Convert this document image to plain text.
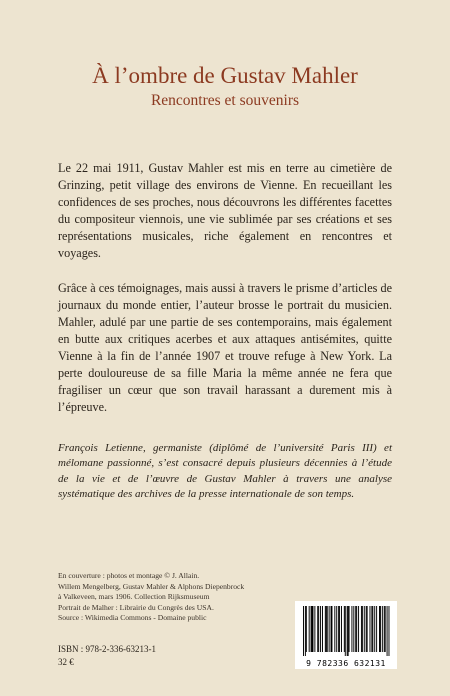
À l’ombre de Gustav Mahler
Rencontres et souvenirs

Le 22 mai 1911, Gustav Mahler est mis en terre au cimetière de Grinzing, petit village des environs de Vienne. En recueillant les confidences de ses proches, nous découvrons les différentes facettes du compositeur viennois, une vie sublimée par ses créations et ses représentations musicales, riche également en rencontres et voyages.

Grâce à ces témoignages, mais aussi à travers le prisme d’articles de journaux du monde entier, l’auteur brosse le portrait du musicien. Mahler, adulé par une partie de ses contemporains, mais également en butte aux critiques acerbes et aux attaques antisémites, quitte Vienne à la fin de l’année 1907 et trouve refuge à New York. La perte douloureuse de sa fille Maria la même année ne fera que fragiliser un cœur que son travail harassant a durement mis à l’épreuve.

François Letienne, germaniste (diplômé de l’université Paris III) et mélomane passionné, s’est consacré depuis plusieurs décennies à l’étude de la vie et de l’œuvre de Gustav Mahler à travers une analyse systématique des archives de la presse internationale de son temps.
En couverture : photos et montage © J. Allain.
Willem Mengelberg, Gustav Mahler & Alphons Diepenbrock
à Valkeveen, mars 1906. Collection Rijksmuseum
Portrait de Malher : Librairie du Congrès des USA.
Source : Wikimedia Commons - Domaine public
ISBN : 978-2-336-63213-1
32 €	9 782336 632131
